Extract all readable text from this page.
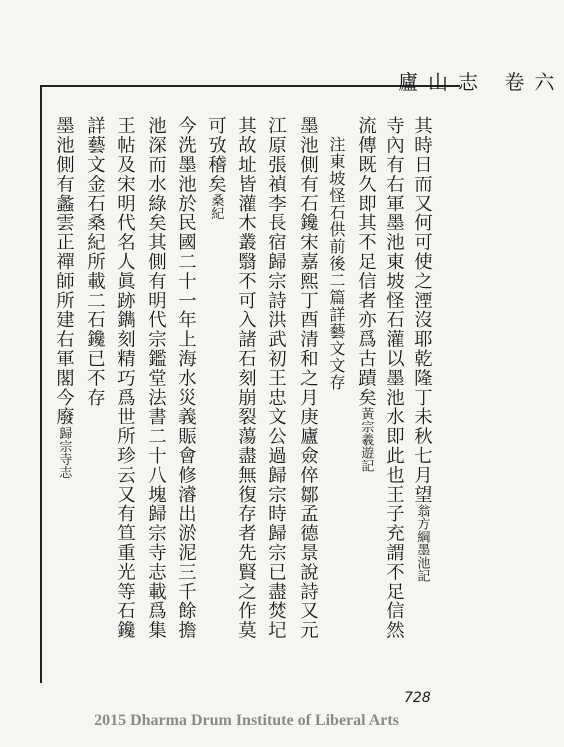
廬山志 卷六
其時日而又何可使之湮沒耶乾隆丁未秋七月望翁方綱墨池記
寺內有右軍墨池東坡怪石灌以墨池水即此也王子充謂不足信然
流傳既久即其不足信者亦爲古蹟矣黃宗羲遊記
注東坡怪石供前後二篇詳藝文文存
墨池側有石鑱宋嘉熙丁酉清和之月庚廬僉倅鄒孟德景說詩又元
江原張禎李長宿歸宗詩洪武初王忠文公過歸宗時歸宗已盡焚圮
其故址皆灌木叢翳不可入諸石刻崩裂蕩盡無復存者先賢之作莫
可攷稽矣桑紀
今洗墨池於民國二十一年上海水災義賑會修濬出淤泥三千餘擔
池深而水綠矣其側有明代宗鑑堂法書二十八塊歸宗寺志載爲集
王帖及宋明代名人眞跡鐫刻精巧爲世所珍云又有笪重光等石鑱
詳藝文金石桑紀所載二石鑱已不存
墨池側有蠡雲正禪師所建右軍閣今廢歸宗寺志
728
2015 Dharma Drum Institute of Liberal Arts
